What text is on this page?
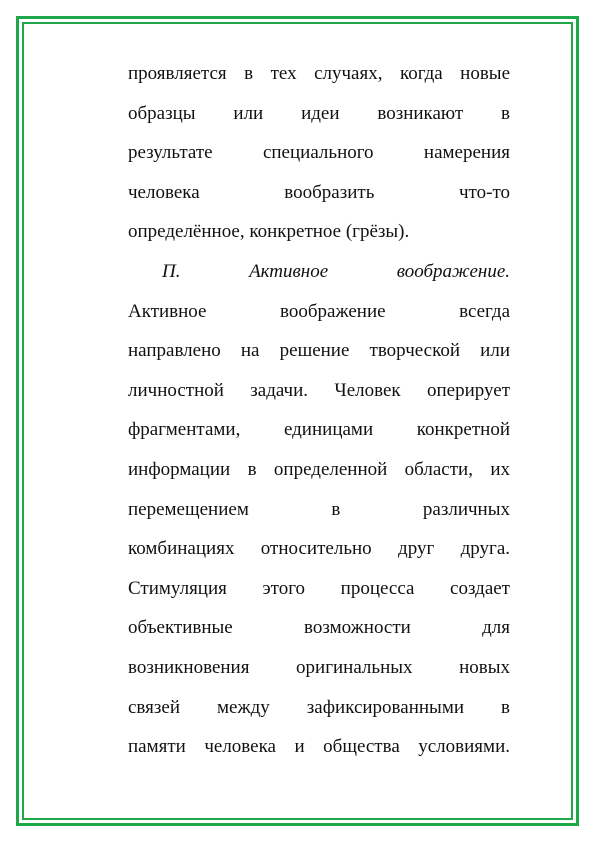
проявляется в тех случаях, когда новые
образцы или идеи возникают в
результате специального намерения
человека вообразить что-то
определённое, конкретное (грёзы).
П. Активное воображение.
Активное воображение всегда
направлено на решение творческой или
личностной задачи. Человек оперирует
фрагментами, единицами конкретной
информации в определенной области, их
перемещением в различных
комбинациях относительно друг друга.
Стимуляция этого процесса создает
объективные возможности для
возникновения оригинальных новых
связей между зафиксированными в
памяти человека и общества условиями.
